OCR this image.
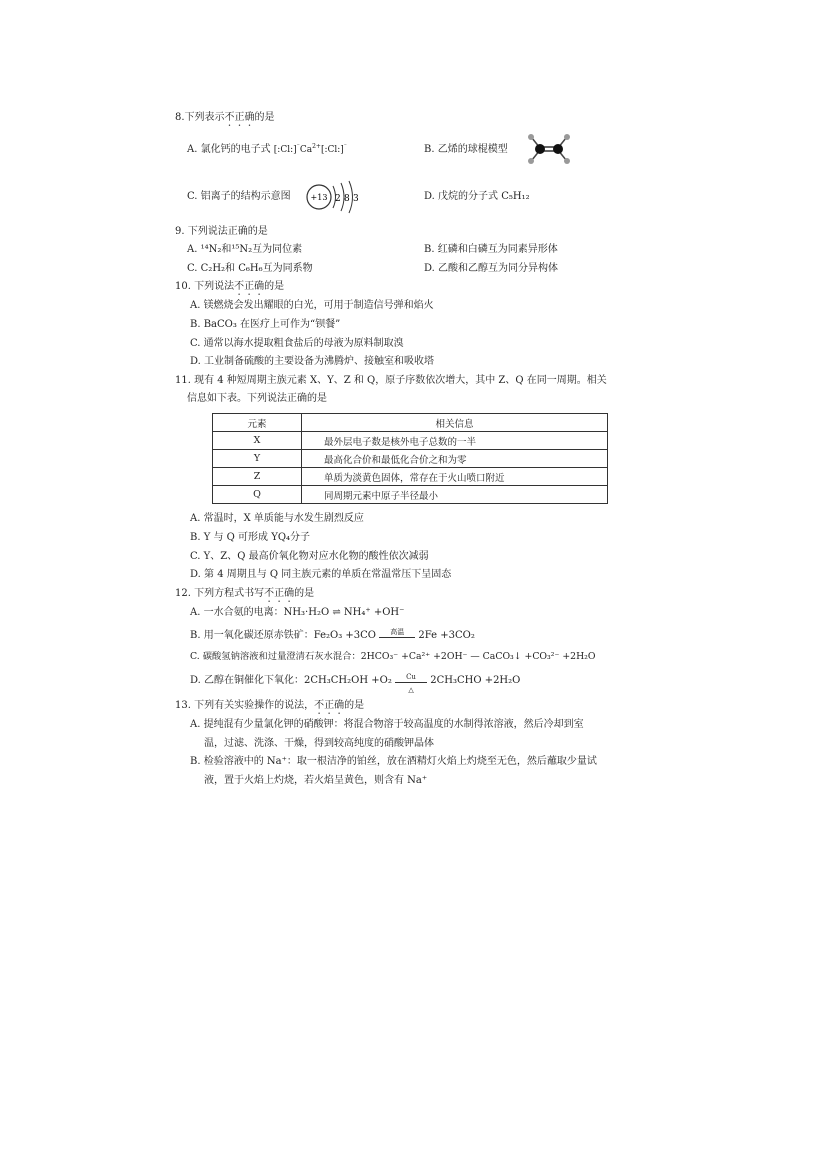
8.下列表示不正确的是
A. 氯化钙的电子式 $[:Cl:]^{^-}Ca^{2+}[:Cl:]^{^-}$	B. 乙烯的球棍模型
C. 铝离子的结构示意图 +13 2 8 3	D. 戊烷的分子式 C₅H₁₂
9. 下列说法正确的是
A. ¹⁴N₂和¹⁵N₂互为同位素	B. 红磷和白磷互为同素异形体
C. C₂H₂和 C₆H₆互为同系物	D. 乙酸和乙醇互为同分异构体
10. 下列说法不正确的是
A. 镁燃烧会发出耀眼的白光，可用于制造信号弹和焰火
B. BaCO₃ 在医疗上可作为“钡餐”
C. 通常以海水提取粗食盐后的母液为原料制取溴
D. 工业制备硫酸的主要设备为沸腾炉、接触室和吸收塔
11. 现有 4 种短周期主族元素 X、Y、Z 和 Q，原子序数依次增大，其中 Z、Q 在同一周期。相关
信息如下表。下列说法正确的是
元素	相关信息
X	最外层电子数是核外电子总数的一半
Y	最高化合价和最低化合价之和为零
Z	单质为淡黄色固体，常存在于火山喷口附近
Q	同周期元素中原子半径最小
A. 常温时，X 单质能与水发生剧烈反应
B. Y 与 Q 可形成 YQ₄分子
C. Y、Z、Q 最高价氧化物对应水化物的酸性依次减弱
D. 第 4 周期且与 Q 同主族元素的单质在常温常压下呈固态
12. 下列方程式书写不正确的是
A. 一水合氨的电离：NH₃·H₂O ⇌ NH₄⁺ +OH⁻
B. 用一氧化碳还原赤铁矿：Fe₂O₃ +3CO	高温	2Fe +3CO₂
C. 碳酸氢钠溶液和过量澄清石灰水混合：2HCO₃⁻ +Ca²⁺ +2OH⁻ — CaCO₃↓ +CO₃²⁻ +2H₂O
D. 乙醇在铜催化下氧化：2CH₃CH₂OH +O₂	Cu
△
2CH₃CHO +2H₂O
13. 下列有关实验操作的说法，不正确的是
A. 提纯混有少量氯化钾的硝酸钾：将混合物溶于较高温度的水制得浓溶液，然后冷却到室
温，过滤、洗涤、干燥，得到较高纯度的硝酸钾晶体
B. 检验溶液中的 Na⁺：取一根洁净的铂丝，放在酒精灯火焰上灼烧至无色，然后蘸取少量试
液，置于火焰上灼烧，若火焰呈黄色，则含有 Na⁺
